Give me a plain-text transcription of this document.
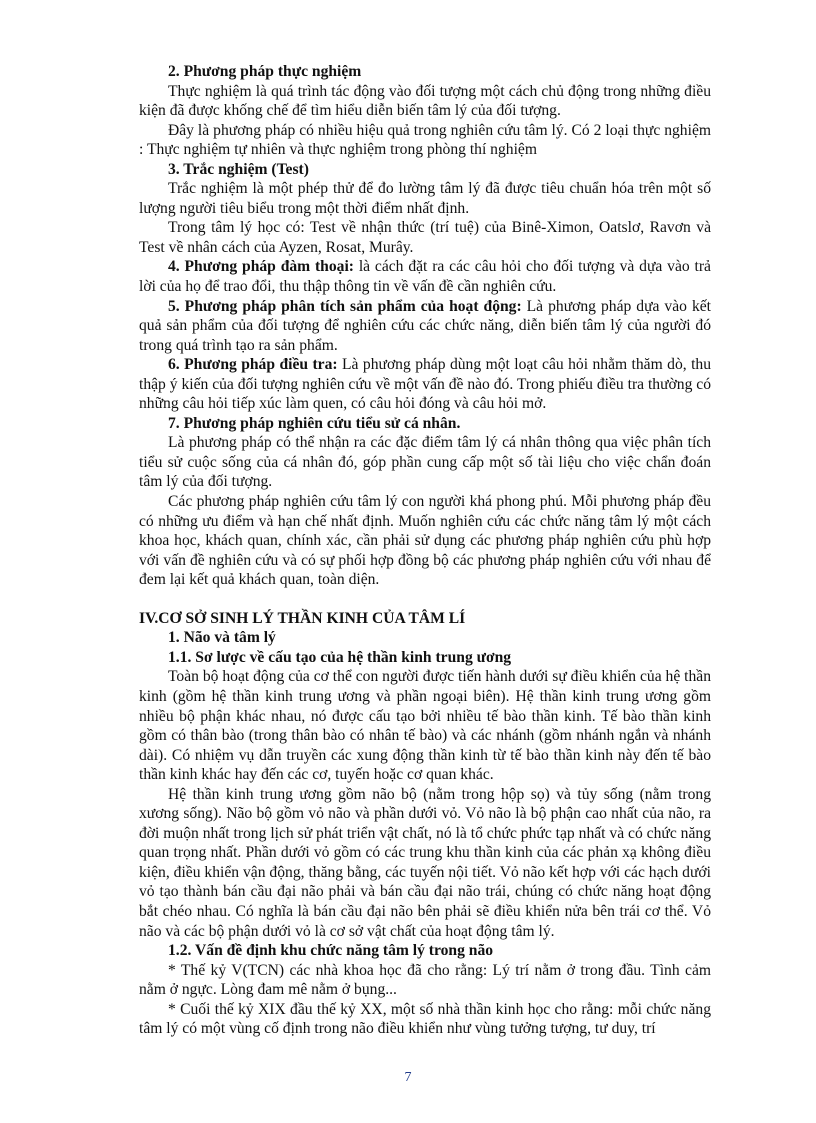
2. Phương pháp thực nghiệm

Thực nghiệm là quá trình tác động vào đối tượng một cách chủ động trong những điều kiện đã được khống chế để tìm hiểu diễn biến tâm lý của đối tượng.

Đây là phương pháp có nhiều hiệu quả trong nghiên cứu tâm lý. Có 2 loại thực nghiệm : Thực nghiệm tự nhiên và thực nghiệm trong phòng thí nghiệm

3. Trắc nghiệm (Test)

Trắc nghiệm là một phép thử để đo lường tâm lý đã được tiêu chuẩn hóa trên một số lượng người tiêu biểu trong một thời điểm nhất định.

Trong tâm lý học có: Test về nhận thức (trí tuệ) của Binê-Ximon, Oatslơ, Ravơn và Test về nhân cách của Ayzen, Rosat, Murây.

4. Phương pháp đàm thoại: là cách đặt ra các câu hỏi cho đối tượng và dựa vào trả lời của họ để trao đổi, thu thập thông tin về vấn đề cần nghiên cứu.

5. Phương pháp phân tích sản phẩm của hoạt động: Là phương pháp dựa vào kết quả sản phẩm của đối tượng để nghiên cứu các chức năng, diễn biến tâm lý của người đó trong quá trình tạo ra sản phẩm.

6. Phương pháp điều tra: Là phương pháp dùng một loạt câu hỏi nhằm thăm dò, thu thập ý kiến của đối tượng nghiên cứu về một vấn đề nào đó. Trong phiếu điều tra thường có những câu hỏi tiếp xúc làm quen, có câu hỏi đóng và câu hỏi mở.

7. Phương pháp nghiên cứu tiểu sử cá nhân.

Là phương pháp có thể nhận ra các đặc điểm tâm lý cá nhân thông qua việc phân tích tiểu sử cuộc sống của cá nhân đó, góp phần cung cấp một số tài liệu cho việc chẩn đoán tâm lý của đối tượng.

Các phương pháp nghiên cứu tâm lý con người khá phong phú. Mỗi phương pháp đều có những ưu điểm và hạn chế nhất định. Muốn nghiên cứu các chức năng tâm lý một cách khoa học, khách quan, chính xác, cần phải sử dụng các phương pháp nghiên cứu phù hợp với vấn đề nghiên cứu và có sự phối hợp đồng bộ các phương pháp nghiên cứu với nhau để đem lại kết quả khách quan, toàn diện.

IV.CƠ SỞ SINH LÝ THẦN KINH CỦA TÂM LÍ

1. Não và tâm lý

1.1. Sơ lược về cấu tạo của hệ thần kinh trung ương

Toàn bộ hoạt động của cơ thể con người được tiến hành dưới sự điều khiển của hệ thần kinh (gồm hệ thần kinh trung ương và phần ngoại biên). Hệ thần kinh trung ương gồm nhiều bộ phận khác nhau, nó được cấu tạo bởi nhiều tế bào thần kinh. Tế bào thần kinh gồm có thân bào (trong thân bào có nhân tế bào) và các nhánh (gồm nhánh ngắn và nhánh dài). Có nhiệm vụ dẫn truyền các xung động thần kinh từ tế bào thần kinh này đến tế bào thần kinh khác hay đến các cơ, tuyến hoặc cơ quan khác.

Hệ thần kinh trung ương gồm não bộ (nằm trong hộp sọ) và tủy sống (nằm trong xương sống). Não bộ gồm vỏ não và phần dưới vỏ. Vỏ não là bộ phận cao nhất của não, ra đời muộn nhất trong lịch sử phát triển vật chất, nó là tổ chức phức tạp nhất và có chức năng quan trọng nhất. Phần dưới vỏ gồm có các trung khu thần kinh của các phản xạ không điều kiện, điều khiển vận động, thăng bằng, các tuyến nội tiết. Vỏ não kết hợp với các hạch dưới vỏ tạo thành bán cầu đại não phải và bán cầu đại não trái, chúng có chức năng hoạt động bắt chéo nhau. Có nghĩa là bán cầu đại não bên phải sẽ điều khiển nửa bên trái cơ thể. Vỏ não và các bộ phận dưới vỏ là cơ sở vật chất của hoạt động tâm lý.

1.2. Vấn đề định khu chức năng tâm lý trong não

* Thế kỷ V(TCN) các nhà khoa học đã cho rằng: Lý trí nằm ở trong đầu. Tình cảm nằm ở ngực. Lòng đam mê nằm ở bụng...

* Cuối thế kỷ XIX đầu thế kỷ XX, một số nhà thần kinh học cho rằng: mỗi chức năng tâm lý có một vùng cố định trong não điều khiển như vùng tưởng tượng, tư duy, trí

7
